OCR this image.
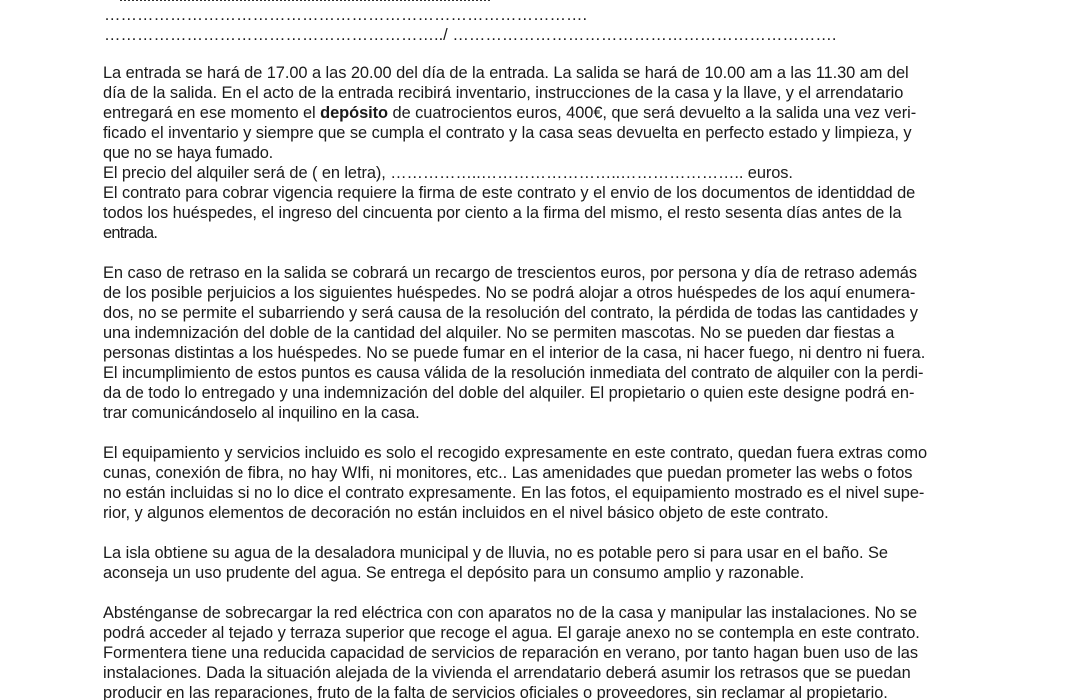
…………………………………………………………………………….
……………………………………………………../ …………………………………………………………….
La entrada se hará de 17.00 a las 20.00 del día de la entrada. La salida se hará de 10.00 am a las 11.30 am del
día de la salida. En el acto de la entrada recibirá inventario, instrucciones de la casa y la llave, y el arrendatario
entregará en ese momento el depósito de cuatrocientos euros, 400€, que será devuelto a la salida una vez veri-
ficado el inventario y siempre que se cumpla el contrato y la casa seas devuelta en perfecto estado y limpieza, y
que no se haya fumado.
El precio del alquiler será de ( en letra), ……………..……………………..………………….. euros.
El contrato para cobrar vigencia requiere la firma de este contrato y el envio de los documentos de identiddad de
todos los huéspedes, el ingreso del cincuenta por ciento a la firma del mismo, el resto sesenta días antes de la
entrada.
En caso de retraso en la salida se cobrará un recargo de trescientos euros, por persona y día de retraso además
de los posible perjuicios a los siguientes huéspedes. No se podrá alojar a otros huéspedes de los aquí enumera-
dos, no se permite el subarriendo y será causa de la resolución del contrato, la pérdida de todas las cantidades y
una indemnización del doble de la cantidad del alquiler. No se permiten mascotas. No se pueden dar fiestas a
personas distintas a los huéspedes. No se puede fumar en el interior de la casa, ni hacer fuego, ni dentro ni fuera.
El incumplimiento de estos puntos es causa válida de la resolución inmediata del contrato de alquiler con la perdi-
da de todo lo entregado y una indemnización del doble del alquiler. El propietario o quien este designe podrá en-
trar comunicándoselo al inquilino en la casa.
El equipamiento y servicios incluido es solo el recogido expresamente en este contrato, quedan fuera extras como
cunas, conexión de fibra, no hay WIfi, ni monitores, etc.. Las amenidades que puedan prometer las webs o fotos
no están incluidas si no lo dice el contrato expresamente. En las fotos, el equipamiento mostrado es el nivel supe-
rior, y algunos elementos de decoración no están incluidos en el nivel básico objeto de este contrato.
La isla obtiene su agua de la desaladora municipal y de lluvia, no es potable pero si para usar en el baño. Se
aconseja un uso prudente del agua. Se entrega el depósito para un consumo amplio y razonable.
Absténganse de sobrecargar la red eléctrica con con aparatos no de la casa y manipular las instalaciones. No se
podrá acceder al tejado y terraza superior que recoge el agua. El garaje anexo no se contempla en este contrato.
Formentera tiene una reducida capacidad de servicios de reparación en verano, por tanto hagan buen uso de las
instalaciones. Dada la situación alejada de la vivienda el arrendatario deberá asumir los retrasos que se puedan
producir en las reparaciones, fruto de la falta de servicios oficiales o proveedores, sin reclamar al propietario.
